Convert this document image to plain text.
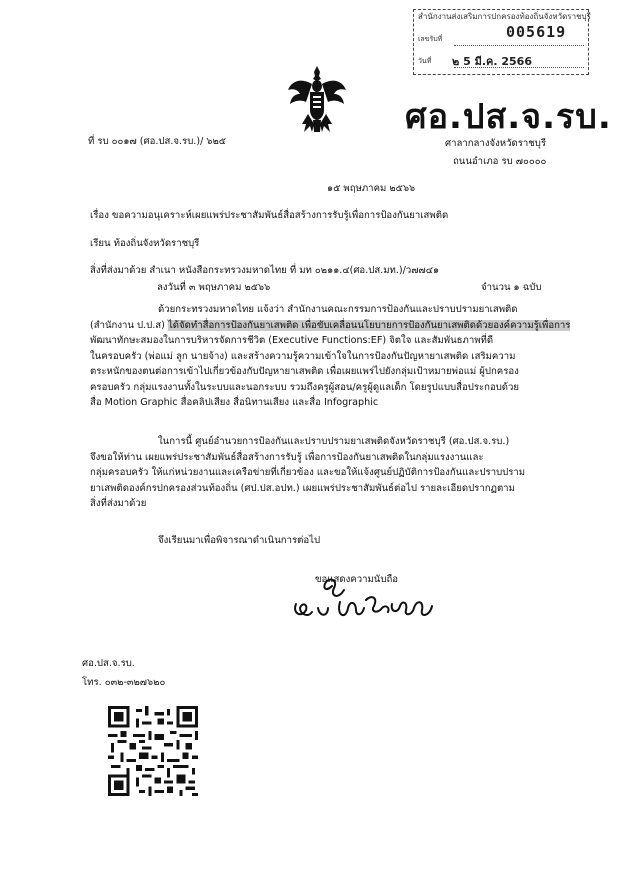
สำนักงานส่งเสริมการปกครองท้องถิ่นจังหวัดราชบุรี
เลขรับที่	005619
วันที่ ๒ 5 มี.ค. 2566
ศอ.ปส.จ.รบ.
ที่ รบ ๐๐๑๗ (ศอ.ปส.จ.รบ.)/ ๖๒๕	ศาลากลางจังหวัดราชบุรี
ถนนอำเภอ รบ ๗๐๐๐๐
๑๕ พฤษภาคม ๒๕๖๖
เรื่อง ขอความอนุเคราะห์เผยแพร่ประชาสัมพันธ์สื่อสร้างการรับรู้เพื่อการป้องกันยาเสพติด
เรียน ท้องถิ่นจังหวัดราชบุรี
สิ่งที่ส่งมาด้วย สำเนา หนังสือกระทรวงมหาดไทย ที่ มท ๐๒๑๑.๔(ศอ.ปส.มท.)/ว๗๗๔๑
ลงวันที่ ๓ พฤษภาคม ๒๕๖๖	จำนวน ๑ ฉบับ
ด้วยกระทรวงมหาดไทย แจ้งว่า สำนักงานคณะกรรมการป้องกันและปราบปรามยาเสพติด
(สำนักงาน ป.ป.ส) ได้จัดทำสื่อการป้องกันยาเสพติด เพื่อขับเคลื่อนนโยบายการป้องกันยาเสพติดด้วยองค์ความรู้เพื่อการ
พัฒนาทักษะสมองในการบริหารจัดการชีวิต (Executive Functions:EF) จิตใจ และสัมพันธภาพที่ดี
ในครอบครัว (พ่อแม่ ลูก นายจ้าง) และสร้างความรู้ความเข้าใจในการป้องกันปัญหายาเสพติด เสริมความ
ตระหนักของตนต่อการเข้าไปเกี่ยวข้องกับปัญหายาเสพติด เพื่อเผยแพร่ไปยังกลุ่มเป้าหมายพ่อแม่ ผู้ปกครอง
ครอบครัว กลุ่มแรงงานทั้งในระบบและนอกระบบ รวมถึงครูผู้สอน/ครูผู้ดูแลเด็ก โดยรูปแบบสื่อประกอบด้วย
สื่อ Motion Graphic สื่อคลิปเสียง สื่อนิทานเสียง และสื่อ Infographic
ในการนี้ ศูนย์อำนวยการป้องกันและปราบปรามยาเสพติดจังหวัดราชบุรี (ศอ.ปส.จ.รบ.)
จึงขอให้ท่าน เผยแพร่ประชาสัมพันธ์สื่อสร้างการรับรู้ เพื่อการป้องกันยาเสพติดในกลุ่มแรงงานและ
กลุ่มครอบครัว ให้แก่หน่วยงานและเครือข่ายที่เกี่ยวข้อง และขอให้แจ้งศูนย์ปฏิบัติการป้องกันและปราบปราม
ยาเสพติดองค์กรปกครองส่วนท้องถิ่น (ศป.ปส.อปท.) เผยแพร่ประชาสัมพันธ์ต่อไป รายละเอียดปรากฏตาม
สิ่งที่ส่งมาด้วย
จึงเรียนมาเพื่อพิจารณาดำเนินการต่อไป
ขอแสดงความนับถือ
ศอ.ปส.จ.รบ.
โทร. ๐๓๒-๓๒๗๖๒๐
